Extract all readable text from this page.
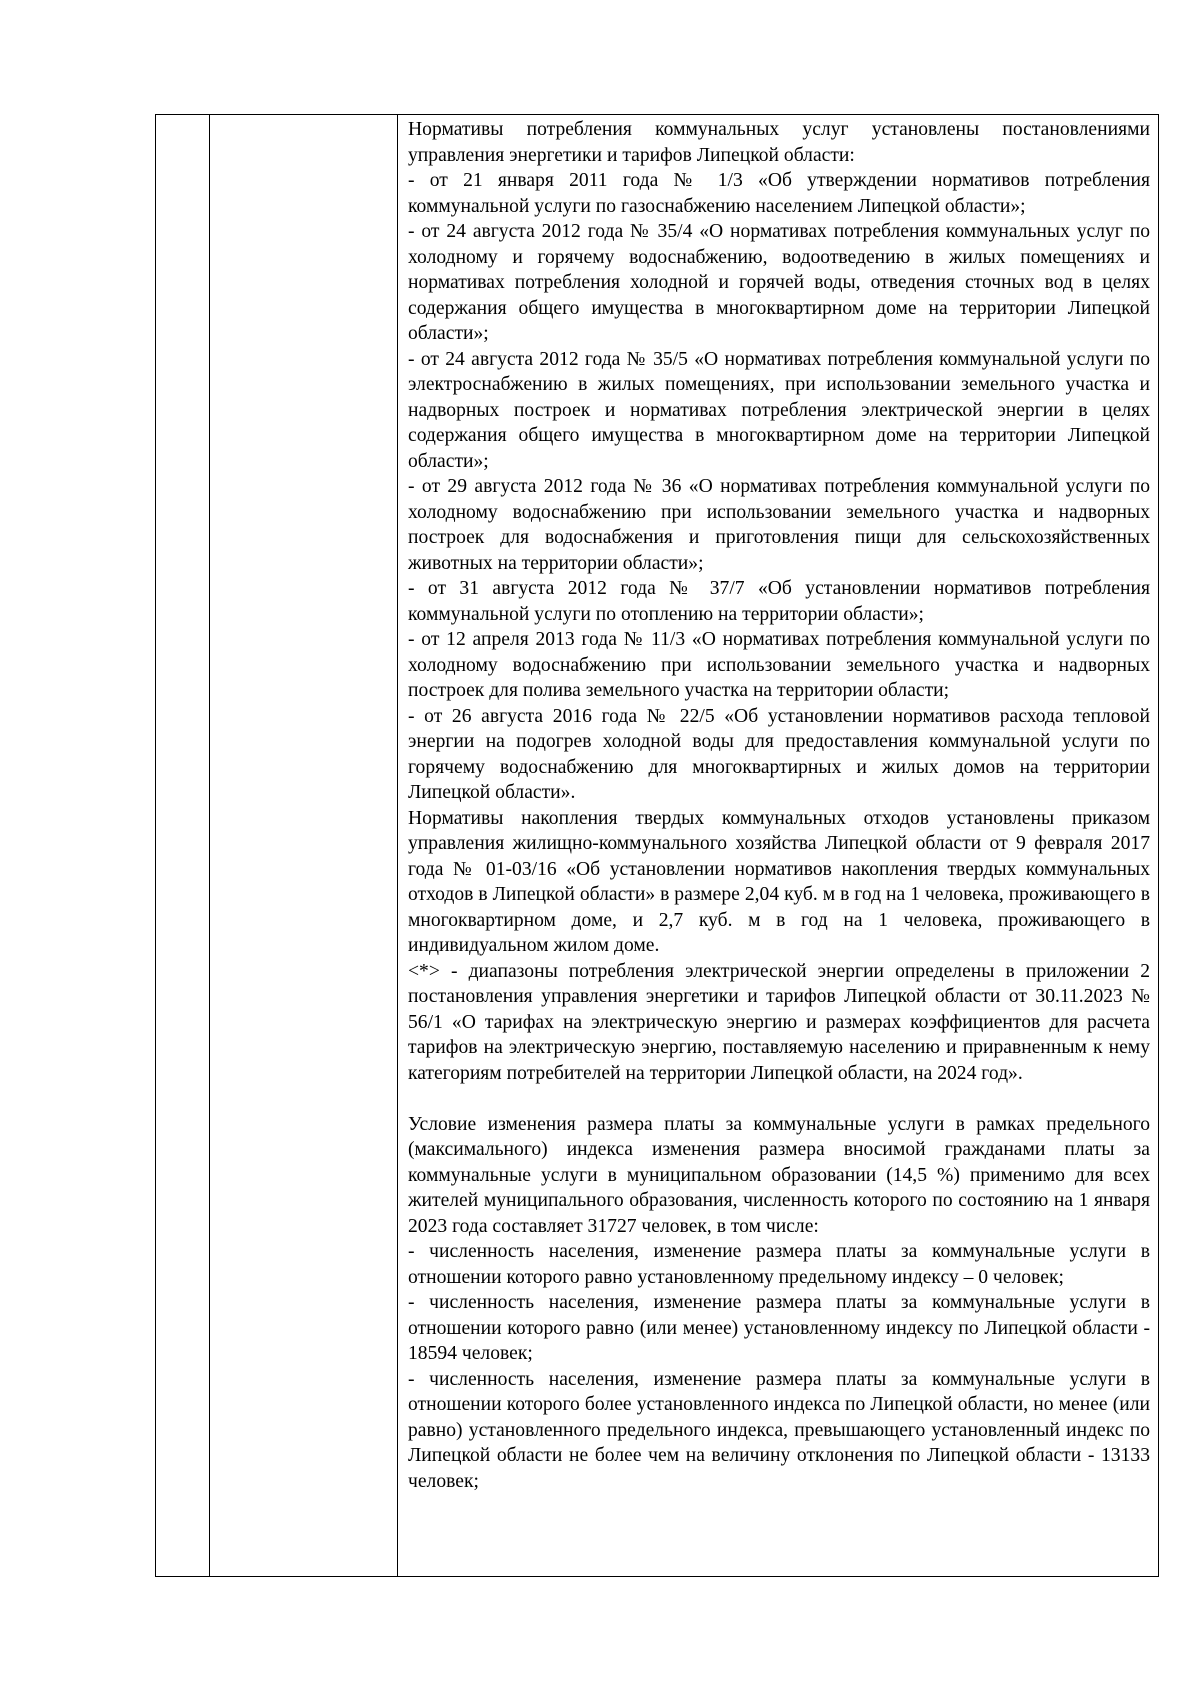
Нормативы потребления коммунальных услуг установлены постановлениями управления энергетики и тарифов Липецкой области:

- от 21 января 2011 года № 1/3 «Об утверждении нормативов потребления коммунальной услуги по газоснабжению населением Липецкой области»;

- от 24 августа 2012 года № 35/4 «О нормативах потребления коммунальных услуг по холодному и горячему водоснабжению, водоотведению в жилых помещениях и нормативах потребления холодной и горячей воды, отведения сточных вод в целях содержания общего имущества в многоквартирном доме на территории Липецкой области»;

- от 24 августа 2012 года № 35/5 «О нормативах потребления коммунальной услуги по электроснабжению в жилых помещениях, при использовании земельного участка и надворных построек и нормативах потребления электрической энергии в целях содержания общего имущества в многоквартирном доме на территории Липецкой области»;

- от 29 августа 2012 года № 36 «О нормативах потребления коммунальной услуги по холодному водоснабжению при использовании земельного участка и надворных построек для водоснабжения и приготовления пищи для сельскохозяйственных животных на территории области»;

- от 31 августа 2012 года № 37/7 «Об установлении нормативов потребления коммунальной услуги по отоплению на территории области»;

- от 12 апреля 2013 года № 11/3 «О нормативах потребления коммунальной услуги по холодному водоснабжению при использовании земельного участка и надворных построек для полива земельного участка на территории области;

- от 26 августа 2016 года № 22/5 «Об установлении нормативов расхода тепловой энергии на подогрев холодной воды для предоставления коммунальной услуги по горячему водоснабжению для многоквартирных и жилых домов на территории Липецкой области».

Нормативы накопления твердых коммунальных отходов установлены приказом управления жилищно-коммунального хозяйства Липецкой области от 9 февраля 2017 года № 01-03/16 «Об установлении нормативов накопления твердых коммунальных отходов в Липецкой области» в размере 2,04 куб. м в год на 1 человека, проживающего в многоквартирном доме, и 2,7 куб. м в год на 1 человека, проживающего в индивидуальном жилом доме.

<*> - диапазоны потребления электрической энергии определены в приложении 2 постановления управления энергетики и тарифов Липецкой области от 30.11.2023 № 56/1 «О тарифах на электрическую энергию и размерах коэффициентов для расчета тарифов на электрическую энергию, поставляемую населению и приравненным к нему категориям потребителей на территории Липецкой области, на 2024 год».

Условие изменения размера платы за коммунальные услуги в рамках предельного (максимального) индекса изменения размера вносимой гражданами платы за коммунальные услуги в муниципальном образовании (14,5 %) применимо для всех жителей муниципального образования, численность которого по состоянию на 1 января 2023 года составляет 31727 человек, в том числе:

- численность населения, изменение размера платы за коммунальные услуги в отношении которого равно установленному предельному индексу – 0 человек;

- численность населения, изменение размера платы за коммунальные услуги в отношении которого равно (или менее) установленному индексу по Липецкой области - 18594 человек;

- численность населения, изменение размера платы за коммунальные услуги в отношении которого более установленного индекса по Липецкой области, но менее (или равно) установленного предельного индекса, превышающего установленный индекс по Липецкой области не более чем на величину отклонения по Липецкой области - 13133 человек;
